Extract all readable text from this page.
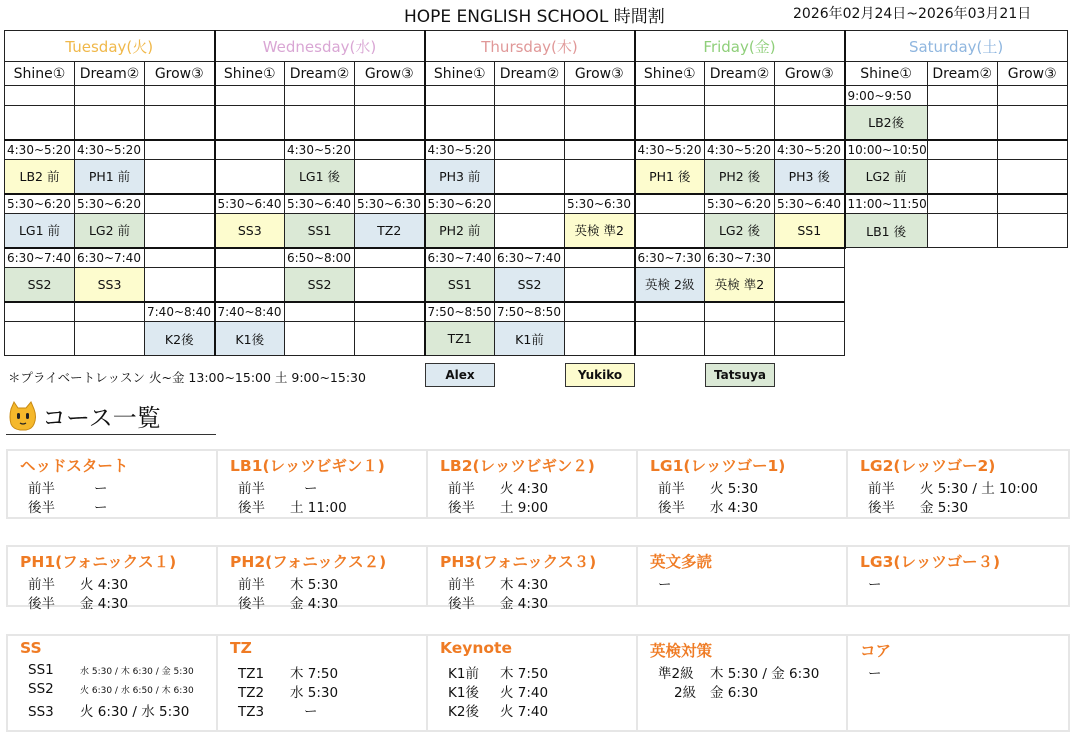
HOPE ENGLISH SCHOOL 時間割	2026年02月24日~2026年03月21日
Tuesday(火)			Wednesday(水)			Thursday(木)			Friday(金)			Saturday(土)		
Shine①	Dream②	Grow③	Shine①	Dream②	Grow③	Shine①	Dream②	Grow③	Shine①	Dream②	Grow③	Shine①	Dream②	Grow③
												9:00~9:50		
												LB2後		
4:30~5:20	4:30~5:20			4:30~5:20		4:30~5:20			4:30~5:20	4:30~5:20	4:30~5:20	10:00~10:50		
LB2 前	PH1 前			LG1 後		PH3 前			PH1 後	PH2 後	PH3 後	LG2 前		
5:30~6:20	5:30~6:20		5:30~6:40	5:30~6:40	5:30~6:30	5:30~6:20		5:30~6:30		5:30~6:20	5:30~6:40	11:00~11:50		
LG1 前	LG2 前		SS3	SS1	TZ2	PH2 前		英検 準2		LG2 後	SS1	LB1 後		
6:30~7:40	6:30~7:40			6:50~8:00		6:30~7:40	6:30~7:40		6:30~7:30	6:30~7:30				
SS2	SS3			SS2		SS1	SS2		英検 2級	英検 準2				
		7:40~8:40	7:40~8:40			7:50~8:50	7:50~8:50							
		K2後	K1後			TZ1	K1前							
＊プライベートレッスン 火~金 13:00~15:00 土 9:00~15:30	Alex	Yukiko	Tatsuya
コース一覧
ヘッドスタート
前半	ー
後半	ー
LB1(レッツビギン１)
前半	ー
後半 土 11:00
LB2(レッツビギン２)
前半 火 4:30
後半 土 9:00
LG1(レッツゴー1)
前半 火 5:30
後半 水 4:30
LG2(レッツゴー2)
前半 火 5:30 / 土 10:00
後半 金 5:30
PH1(フォニックス１)
前半 火 4:30
後半 金 4:30
PH2(フォニックス２)
前半 木 5:30
後半 金 4:30
PH3(フォニックス３)
前半 木 4:30
後半 金 4:30
英文多読
ー
LG3(レッツゴー３)
ー
SS
SS1	水 5:30 / 木 6:30 / 金 5:30
SS2	火 6:30 / 水 6:50 / 木 6:30
SS3 火 6:30 / 水 5:30
TZ
TZ1 木 7:50
TZ2 水 5:30
TZ3	ー
Keynote
K1前 木 7:50
K1後 火 7:40
K2後 火 7:40
英検対策
準2級 木 5:30 / 金 6:30
2級 金 6:30
コア
ー
